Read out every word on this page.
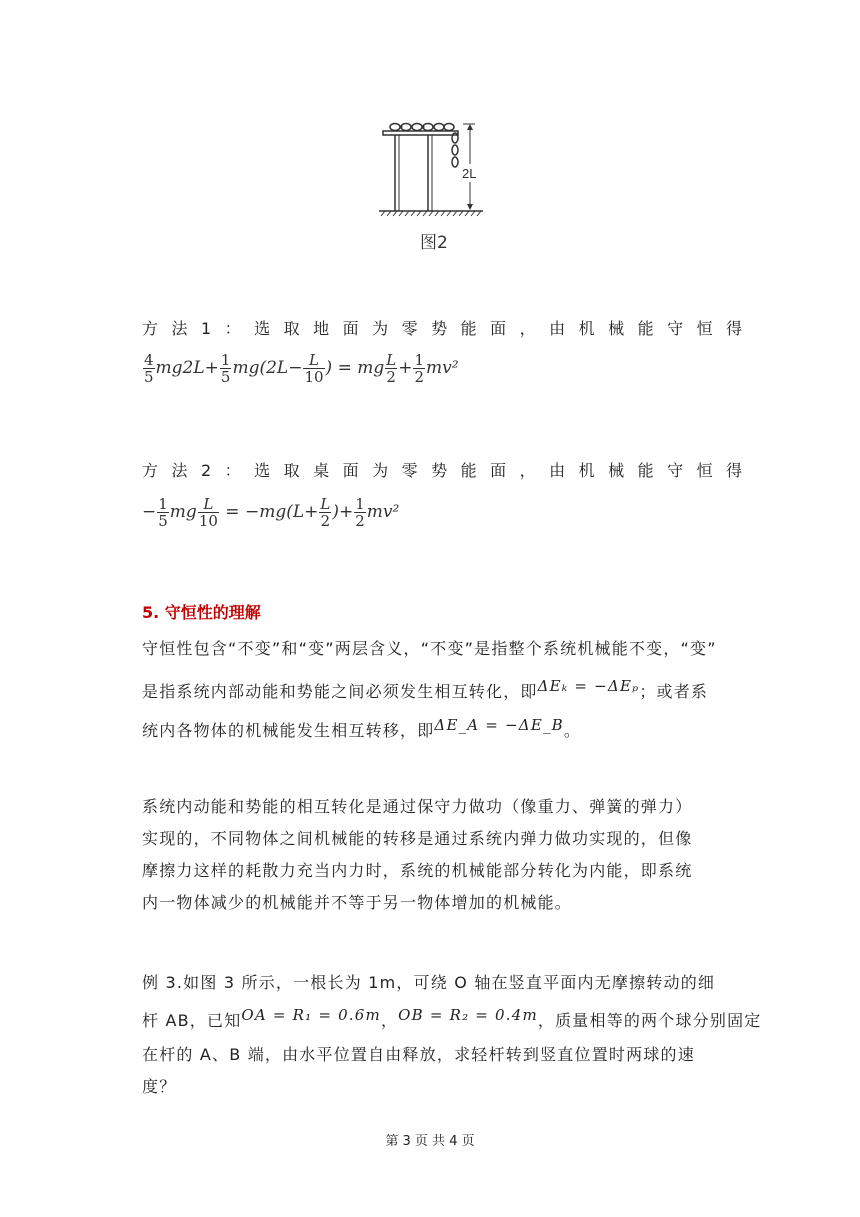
2L
图2
方法1：选取地面为零势能面，由机械能守恒得
$\frac{4}{5} mg2L+ \frac{1}{5} mg(2L- \frac{L}{10}$ ) = mg $\frac{L}{2} + \frac{1}{2} mv^2$
方法2：选取桌面为零势能面，由机械能守恒得
− $\frac{1}{5}$ mg $\frac{L}{10} = -mg(L+ \frac{L}{2}$ )+ $\frac{1}{2} mv^2$
5. 守恒性的理解
守恒性包含“不变”和“变”两层含义，“不变”是指整个系统机械能不变，“变”
是指系统内部动能和势能之间必须发生相互转化，即ΔEₖ = −ΔEₚ；或者系
统内各物体的机械能发生相互转移，即ΔE_A = −ΔE_B。
系统内动能和势能的相互转化是通过保守力做功（像重力、弹簧的弹力）
实现的，不同物体之间机械能的转移是通过系统内弹力做功实现的，但像
摩擦力这样的耗散力充当内力时，系统的机械能部分转化为内能，即系统
内一物体减少的机械能并不等于另一物体增加的机械能。
例 3.如图 3 所示，一根长为 1m，可绕 O 轴在竖直平面内无摩擦转动的细
杆 AB，已知OA = R₁ = 0.6m，OB = R₂ = 0.4m，质量相等的两个球分别固定
在杆的 A、B 端，由水平位置自由释放，求轻杆转到竖直位置时两球的速
度？
第 3 页 共 4 页
